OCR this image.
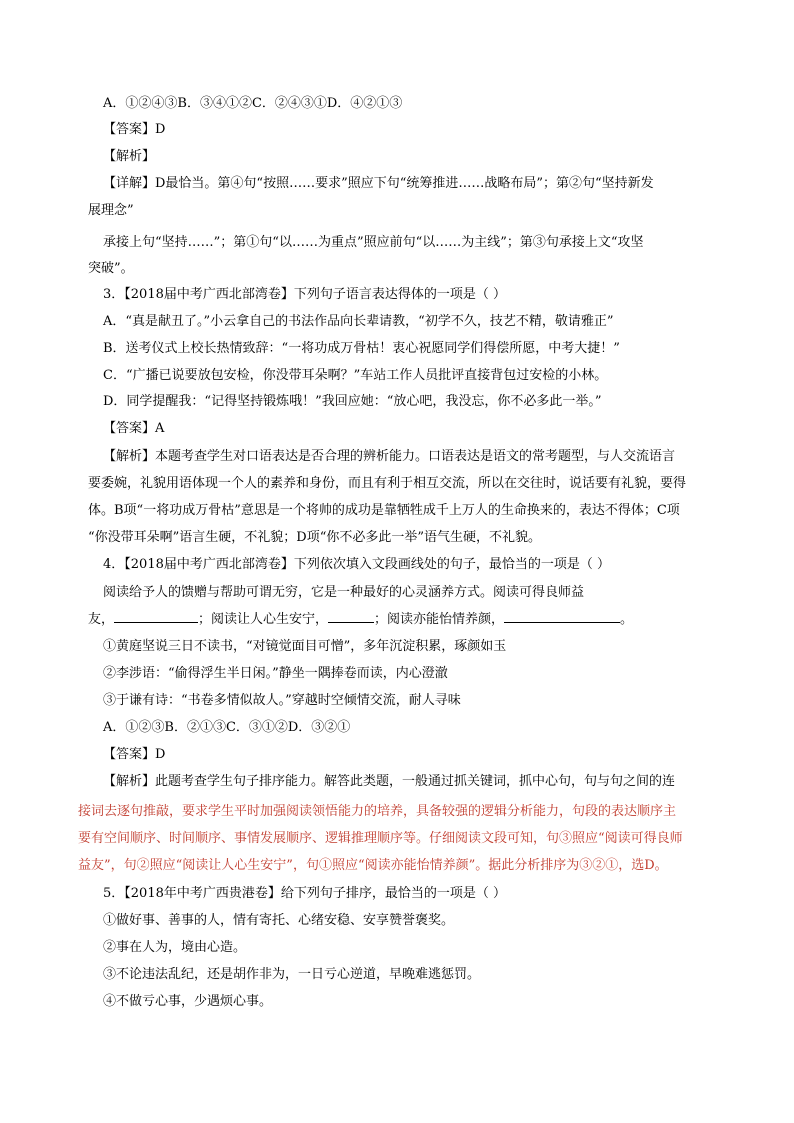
A．①②④③B．③④①②C．②④③①D．④②①③
【答案】D
【解析】
【详解】D最恰当。第④句“按照……要求”照应下句“统筹推进……战略布局”；第②句“坚持新发
展理念”
承接上句“坚持……”；第①句“以……为重点”照应前句“以……为主线”；第③句承接上文“攻坚
突破”。
3．【2018届中考广西北部湾卷】下列句子语言表达得体的一项是（ ）
A．“真是献丑了。”小云拿自己的书法作品向长辈请教，“初学不久，技艺不精，敬请雅正”
B．送考仪式上校长热情致辞：“一将功成万骨枯！衷心祝愿同学们得偿所愿，中考大捷！”
C．“广播已说要放包安检，你没带耳朵啊？”车站工作人员批评直接背包过安检的小林。
D．同学提醒我：“记得坚持锻炼哦！”我回应她：“放心吧，我没忘，你不必多此一举。”
【答案】A
【解析】本题考查学生对口语表达是否合理的辨析能力。口语表达是语文的常考题型，与人交流语言
要委婉，礼貌用语体现一个人的素养和身份，而且有利于相互交流，所以在交往时，说话要有礼貌，要得
体。B项“一将功成万骨枯”意思是一个将帅的成功是靠牺牲成千上万人的生命换来的，表达不得体；C项
“你没带耳朵啊”语言生硬，不礼貌；D项“你不必多此一举”语气生硬，不礼貌。
4．【2018届中考广西北部湾卷】下列依次填入文段画线处的句子，最恰当的一项是（ ）
阅读给予人的馈赠与帮助可谓无穷，它是一种最好的心灵涵养方式。阅读可得良师益
友，	；阅读让人心生安宁，	；阅读亦能怡情养颜，	。
①黄庭坚说三日不读书，“对镜觉面目可憎”，多年沉淀积累，琢颜如玉
②李涉语：“偷得浮生半日闲。”静坐一隅捧卷而读，内心澄澈
③于谦有诗：“书卷多情似故人。”穿越时空倾情交流，耐人寻味
A．①②③B．②①③C．③①②D．③②①
【答案】D
【解析】此题考查学生句子排序能力。解答此类题，一般通过抓关键词，抓中心句，句与句之间的连
接词去逐句推敲，要求学生平时加强阅读领悟能力的培养，具备较强的逻辑分析能力，句段的表达顺序主
要有空间顺序、时间顺序、事情发展顺序、逻辑推理顺序等。仔细阅读文段可知，句③照应“阅读可得良师
益友”，句②照应“阅读让人心生安宁”，句①照应“阅读亦能怡情养颜”。据此分析排序为③②①，选D。
5．【2018年中考广西贵港卷】给下列句子排序，最恰当的一项是（ ）
①做好事、善事的人，情有寄托、心绪安稳、安享赞誉褒奖。
②事在人为，境由心造。
③不论违法乱纪，还是胡作非为，一日亏心逆道，早晚难逃惩罚。
④不做亏心事，少遇烦心事。
